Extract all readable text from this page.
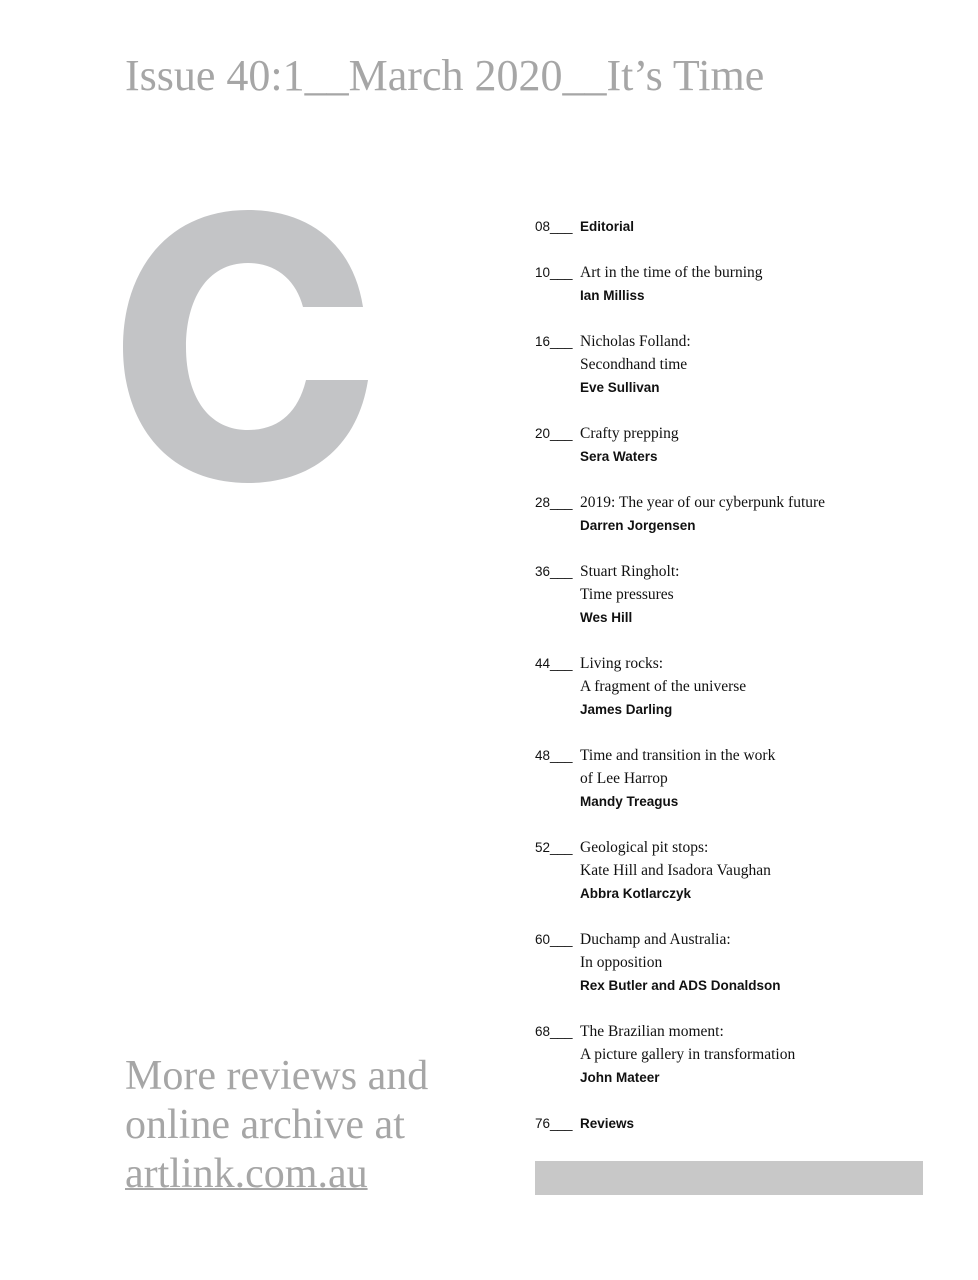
Issue 40:1__March 2020__It’s Time
08___ Editorial
10___ Art in the time of the burning
Ian Milliss
16___ Nicholas Folland:
Secondhand time
Eve Sullivan
20___ Crafty prepping
Sera Waters
28___ 2019: The year of our cyberpunk future
Darren Jorgensen
36___ Stuart Ringholt:
Time pressures
Wes Hill
44___ Living rocks:
A fragment of the universe
James Darling
48___ Time and transition in the work
of Lee Harrop
Mandy Treagus
52___ Geological pit stops:
Kate Hill and Isadora Vaughan
Abbra Kotlarczyk
60___ Duchamp and Australia:
In opposition
Rex Butler and ADS Donaldson
68___ The Brazilian moment:
A picture gallery in transformation
John Mateer
76___ Reviews
More reviews and
online archive at
artlink.com.au
